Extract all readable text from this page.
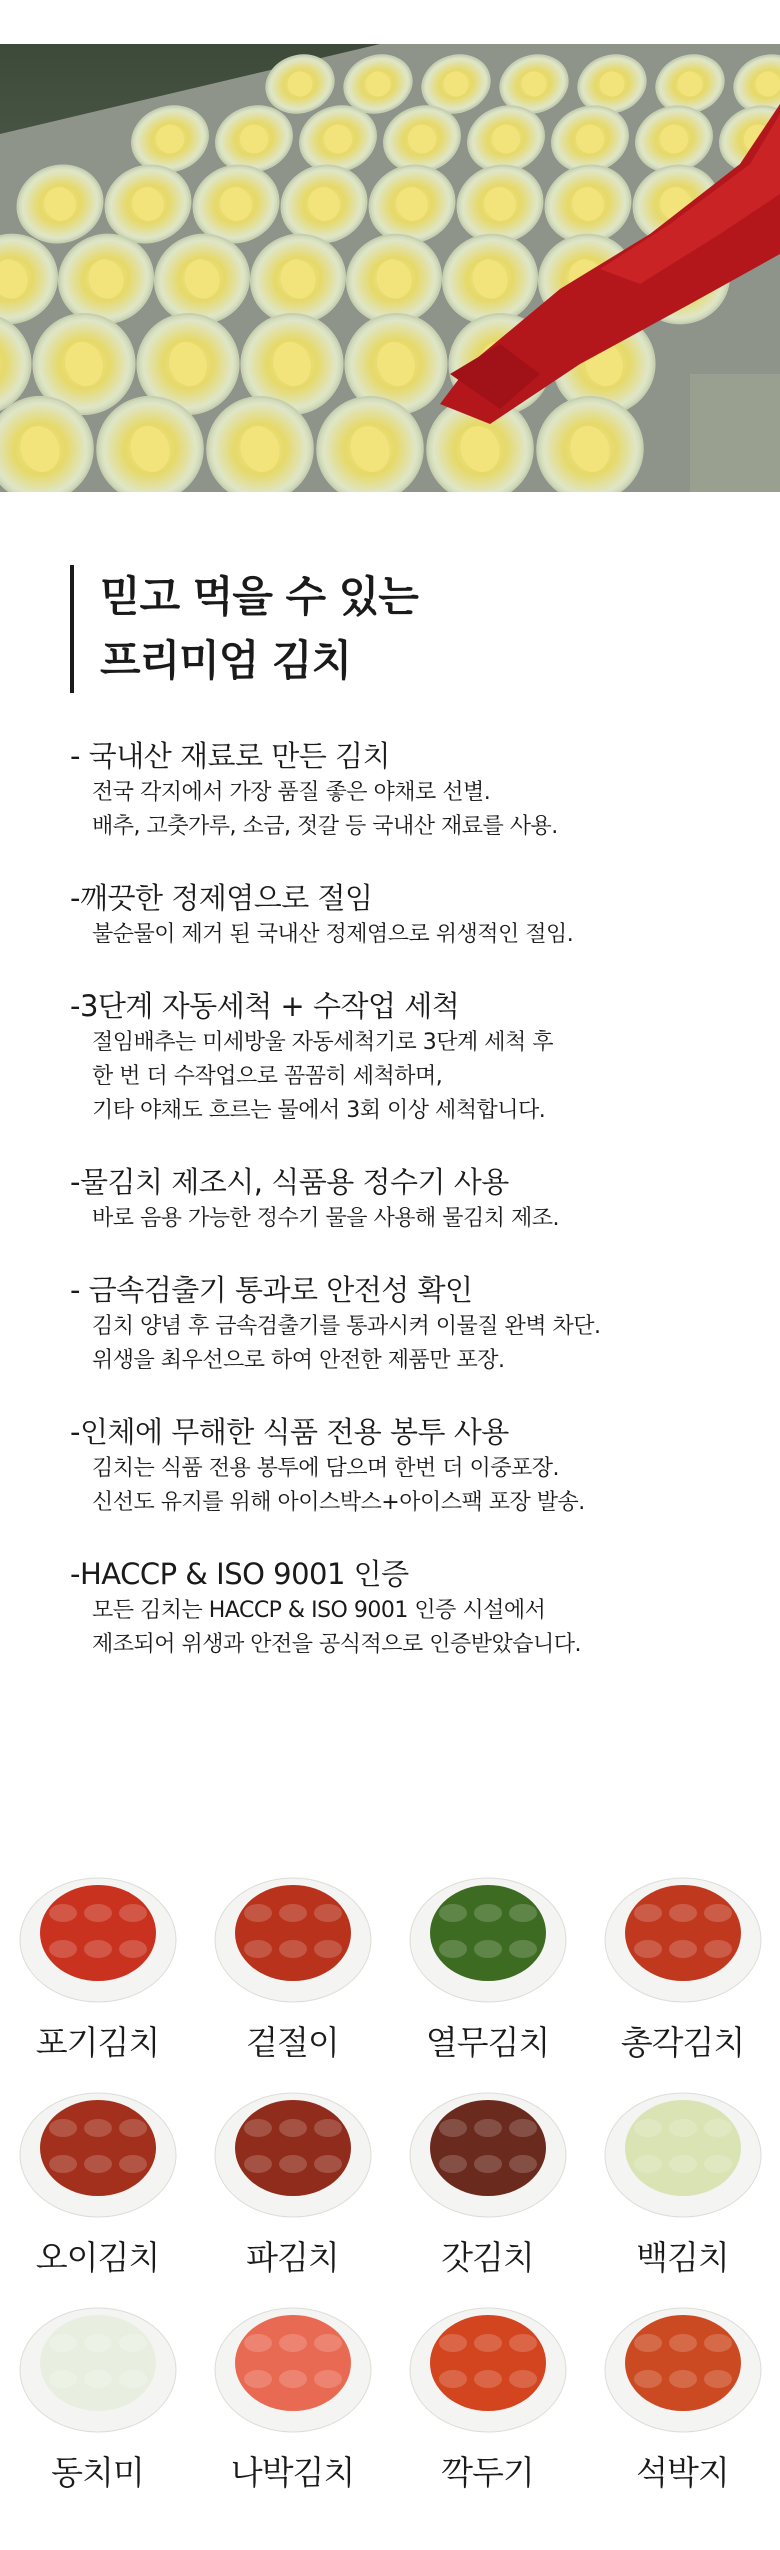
믿고 먹을 수 있는
프리미엄 김치
- 국내산 재료로 만든 김치
전국 각지에서 가장 품질 좋은 야채로 선별.
배추, 고춧가루, 소금, 젓갈 등 국내산 재료를 사용.
-깨끗한 정제염으로 절임
불순물이 제거 된 국내산 정제염으로 위생적인 절임.
-3단계 자동세척 + 수작업 세척
절임배추는 미세방울 자동세척기로 3단계 세척 후
한 번 더 수작업으로 꼼꼼히 세척하며,
기타 야채도 흐르는 물에서 3회 이상 세척합니다.
-물김치 제조시, 식품용 정수기 사용
바로 음용 가능한 정수기 물을 사용해 물김치 제조.
- 금속검출기 통과로 안전성 확인
김치 양념 후 금속검출기를 통과시켜 이물질 완벽 차단.
위생을 최우선으로 하여 안전한 제품만 포장.
-인체에 무해한 식품 전용 봉투 사용
김치는 식품 전용 봉투에 담으며 한번 더 이중포장.
신선도 유지를 위해 아이스박스+아이스팩 포장 발송.
-HACCP & ISO 9001 인증
모든 김치는 HACCP & ISO 9001 인증 시설에서
제조되어 위생과 안전을 공식적으로 인증받았습니다.
포기김치	겉절이	열무김치	총각김치
오이김치	파김치	갓김치	백김치
동치미	나박김치	깍두기	석박지
